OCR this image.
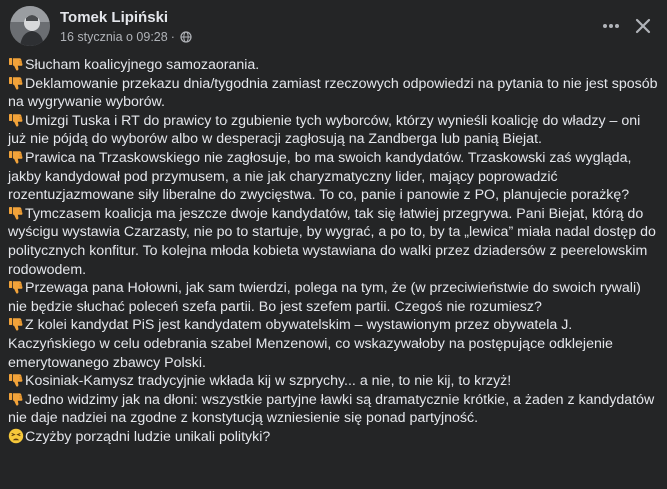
Tomek Lipiński
16 stycznia o 09:28 ·

Słucham koalicyjnego samozaorania.

Deklamowanie przekazu dnia/tygodnia zamiast rzeczowych odpowiedzi na pytania to nie jest sposób na wygrywanie wyborów.

Umizgi Tuska i RT do prawicy to zgubienie tych wyborców, którzy wynieśli koalicję do władzy – oni już nie pójdą do wyborów albo w desperacji zagłosują na Zandberga lub panią Biejat.

Prawica na Trzaskowskiego nie zagłosuje, bo ma swoich kandydatów. Trzaskowski zaś wygląda, jakby kandydował pod przymusem, a nie jak charyzmatyczny lider, mający poprowadzić rozentuzjazmowane siły liberalne do zwycięstwa. To co, panie i panowie z PO, planujecie porażkę?

Tymczasem koalicja ma jeszcze dwoje kandydatów, tak się łatwiej przegrywa. Pani Biejat, którą do wyścigu wystawia Czarzasty, nie po to startuje, by wygrać, a po to, by ta „lewica” miała nadal dostęp do politycznych konfitur. To kolejna młoda kobieta wystawiana do walki przez dziadersów z peerelowskim rodowodem.

Przewaga pana Hołowni, jak sam twierdzi, polega na tym, że (w przeciwieństwie do swoich rywali) nie będzie słuchać poleceń szefa partii. Bo jest szefem partii. Czegoś nie rozumiesz?

Z kolei kandydat PiS jest kandydatem obywatelskim – wystawionym przez obywatela J. Kaczyńskiego w celu odebrania szabel Menzenowi, co wskazywałoby na postępujące odklejenie emerytowanego zbawcy Polski.

Kosiniak-Kamysz tradycyjnie wkłada kij w szprychy... a nie, to nie kij, to krzyż!

Jedno widzimy jak na dłoni: wszystkie partyjne ławki są dramatycznie krótkie, a żaden z kandydatów nie daje nadziei na zgodne z konstytucją wzniesienie się ponad partyjność.

Czyżby porządni ludzie unikali polityki?
